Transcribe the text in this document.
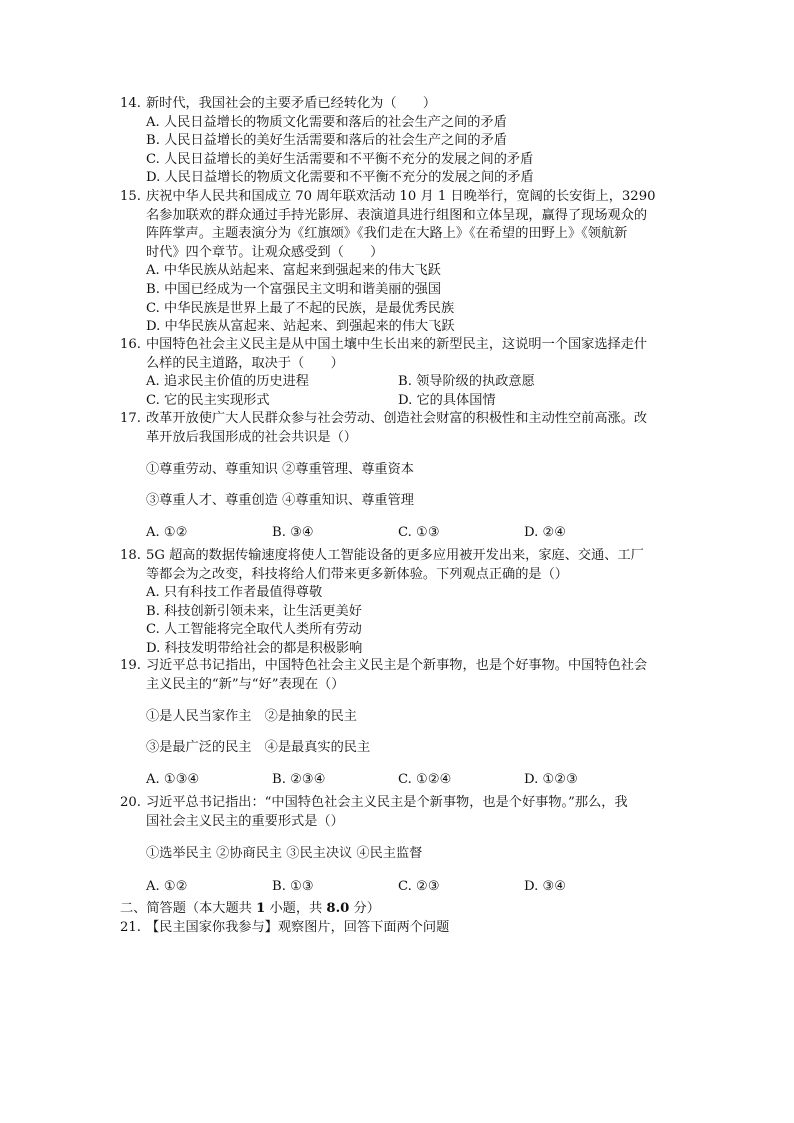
14. 新时代，我国社会的主要矛盾已经转化为（　　）
A. 人民日益增长的物质文化需要和落后的社会生产之间的矛盾
B. 人民日益增长的美好生活需要和落后的社会生产之间的矛盾
C. 人民日益增长的美好生活需要和不平衡不充分的发展之间的矛盾
D. 人民日益增长的物质文化需要和不平衡不充分的发展之间的矛盾
15. 庆祝中华人民共和国成立 70 周年联欢活动 10 月 1 日晚举行，宽阔的长安街上，3290
名参加联欢的群众通过手持光影屏、表演道具进行组图和立体呈现，赢得了现场观众的
阵阵掌声。主题表演分为《红旗颂》《我们走在大路上》《在希望的田野上》《领航新
时代》四个章节。让观众感受到（　　）
A. 中华民族从站起来、富起来到强起来的伟大飞跃
B. 中国已经成为一个富强民主文明和谐美丽的强国
C. 中华民族是世界上最了不起的民族，是最优秀民族
D. 中华民族从富起来、站起来、到强起来的伟大飞跃
16. 中国特色社会主义民主是从中国土壤中生长出来的新型民主，这说明一个国家选择走什
么样的民主道路，取决于（　　）
A. 追求民主价值的历史进程	B. 领导阶级的执政意愿
C. 它的民主实现形式	D. 它的具体国情
17. 改革开放使广大人民群众参与社会劳动、创造社会财富的积极性和主动性空前高涨。改
革开放后我国形成的社会共识是（）
①尊重劳动、尊重知识 ②尊重管理、尊重资本
③尊重人才、尊重创造 ④尊重知识、尊重管理
A. ①②	B. ③④	C. ①③	D. ②④
18. 5G 超高的数据传输速度将使人工智能设备的更多应用被开发出来，家庭、交通、工厂
等都会为之改变，科技将给人们带来更多新体验。下列观点正确的是（）
A. 只有科技工作者最值得尊敬
B. 科技创新引领未来，让生活更美好
C. 人工智能将完全取代人类所有劳动
D. 科技发明带给社会的都是积极影响
19. 习近平总书记指出，中国特色社会主义民主是个新事物，也是个好事物。中国特色社会
主义民主的“新”与“好”表现在（）
①是人民当家作主　②是抽象的民主
③是最广泛的民主　④是最真实的民主
A. ①③④	B. ②③④	C. ①②④	D. ①②③
20. 习近平总书记指出：“中国特色社会主义民主是个新事物，也是个好事物。”那么，我
国社会主义民主的重要形式是（）
①选举民主 ②协商民主 ③民主决议 ④民主监督
A. ①②	B. ①③	C. ②③	D. ③④
二、简答题（本大题共 1 小题，共 8.0 分）
21. 【民主国家你我参与】观察图片，回答下面两个问题
